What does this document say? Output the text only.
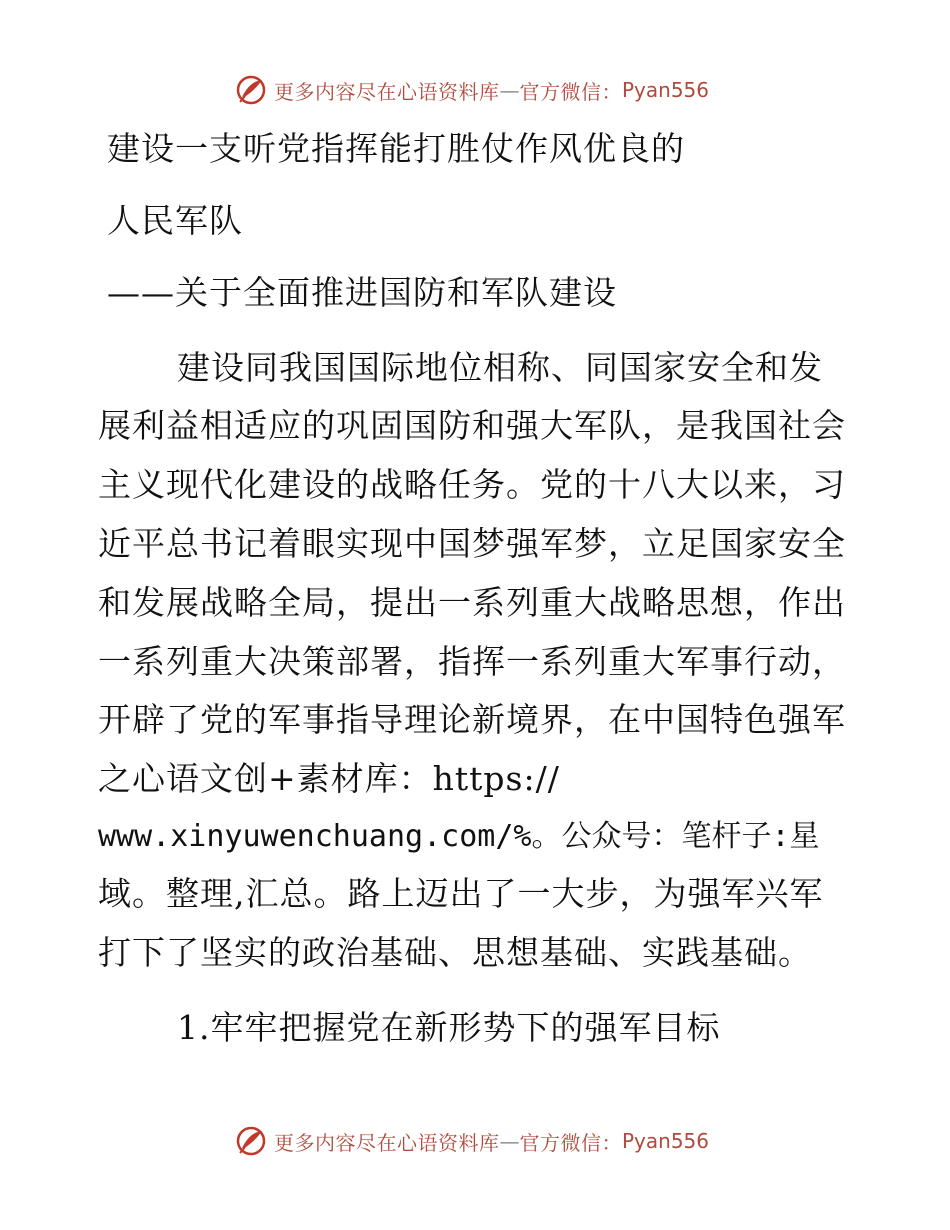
更多内容尽在心语资料库 — 官方微信： Pyan556
建设一支听党指挥能打胜仗作风优良的
人民军队
——关于全面推进国防和军队建设
建设同我国国际地位相称、同国家安全和发
展利益相适应的巩固国防和强大军队，是我国社会
主义现代化建设的战略任务。党的十八大以来，习
近平总书记着眼实现中国梦强军梦，立足国家安全
和发展战略全局，提出一系列重大战略思想，作出
一系列重大决策部署，指挥一系列重大军事行动，
开辟了党的军事指导理论新境界，在中国特色强军
之心语文创+素材库：https://
www.xinyuwenchuang.com/%。公众号：笔杆子:星
域。整理,汇总。路上迈出了一大步，为强军兴军
打下了坚实的政治基础、思想基础、实践基础。
1.牢牢把握党在新形势下的强军目标
更多内容尽在心语资料库 — 官方微信： Pyan556
